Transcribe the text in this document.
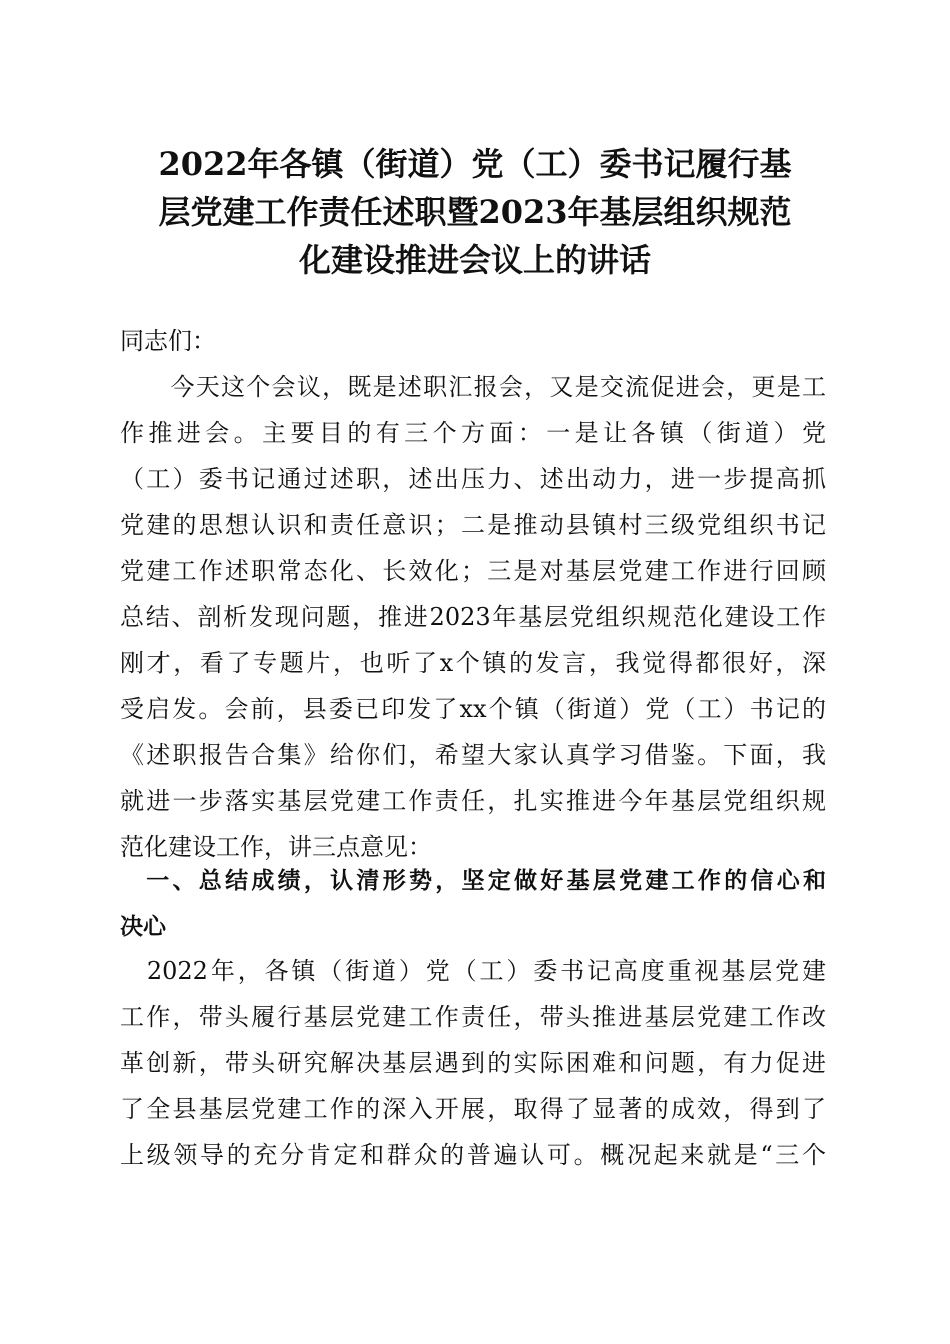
2022年各镇（街道）党（工）委书记履行基
层党建工作责任述职暨2023年基层组织规范
化建设推进会议上的讲话
同志们：
　　今天这个会议，既是述职汇报会，又是交流促进会，更是工
作推进会。主要目的有三个方面：一是让各镇（街道）党
（工）委书记通过述职，述出压力、述出动力，进一步提高抓
党建的思想认识和责任意识；二是推动县镇村三级党组织书记
党建工作述职常态化、长效化；三是对基层党建工作进行回顾
总结、剖析发现问题，推进2023年基层党组织规范化建设工作
刚才，看了专题片，也听了x个镇的发言，我觉得都很好，深
受启发。会前，县委已印发了xx个镇（街道）党（工）书记的
《述职报告合集》给你们，希望大家认真学习借鉴。下面，我
就进一步落实基层党建工作责任，扎实推进今年基层党组织规
范化建设工作，讲三点意见：
　一、总结成绩，认清形势，坚定做好基层党建工作的信心和
决心
　2022年，各镇（街道）党（工）委书记高度重视基层党建
工作，带头履行基层党建工作责任，带头推进基层党建工作改
革创新，带头研究解决基层遇到的实际困难和问题，有力促进
了全县基层党建工作的深入开展，取得了显著的成效，得到了
上级领导的充分肯定和群众的普遍认可。概况起来就是“三个
